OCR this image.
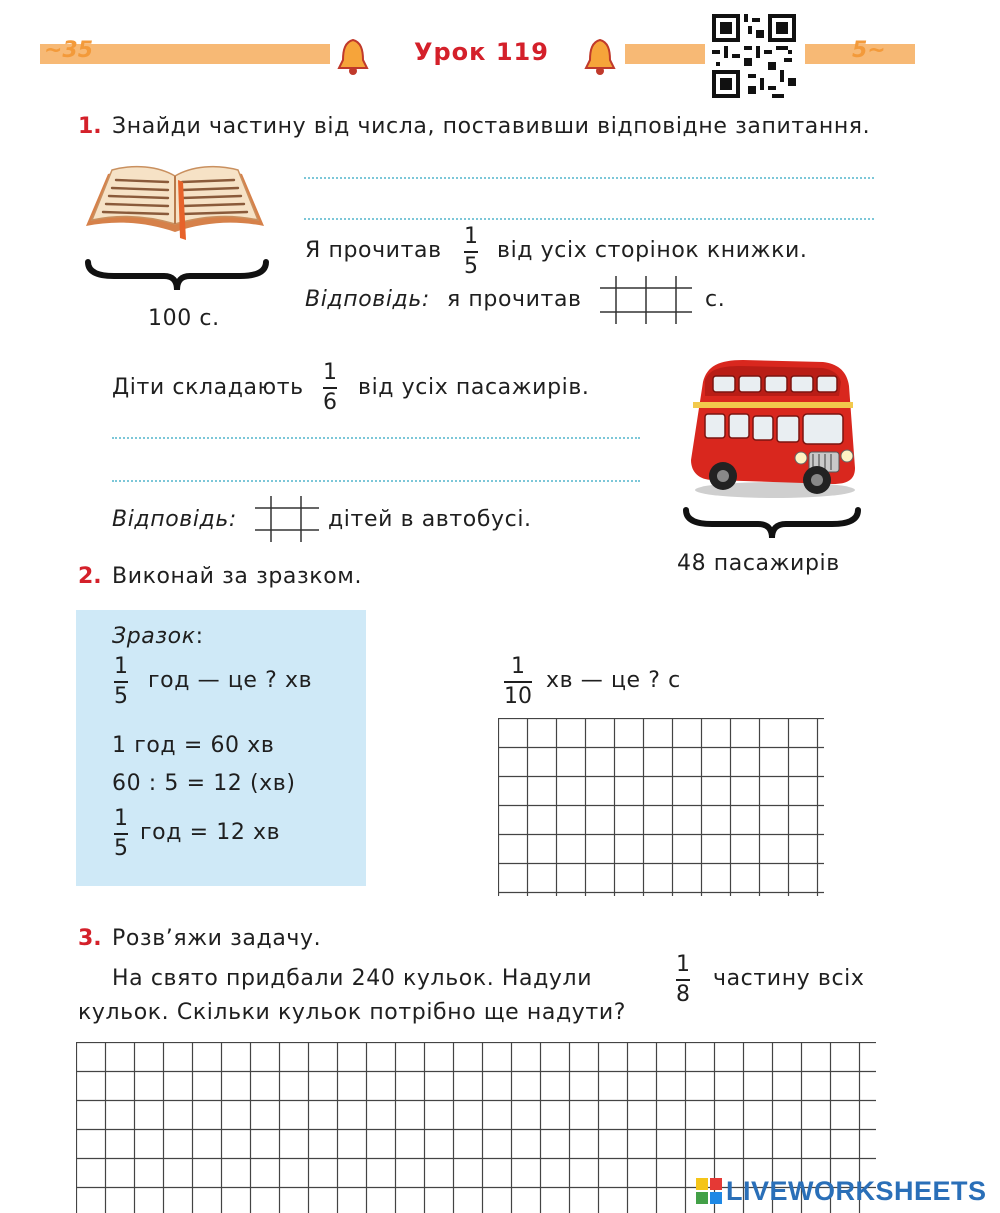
~35	5~
Урок 119
1. Знайди частину від числа, поставивши відповідне запитання.
100 с.
Я прочитав
1
5
від усіх сторінок книжки.
Відповідь: я прочитав	с.
Діти складають
1
6
від усіх пасажирів.
Відповідь:	дітей в автобусі.
48 пасажирів
2. Виконай за зразком.
Зразок:
1
5
год — це ? хв
1 год = 60 хв
60 : 5 = 12 (хв)
1
5
год = 12 хв
1
10
хв — це ? с
3. Розв’яжи задачу.
На свято придбали 240 кульок. Надули
1
8
частину всіх
кульок. Скільки кульок потрібно ще надути?
LIVEWORKSHEETS
